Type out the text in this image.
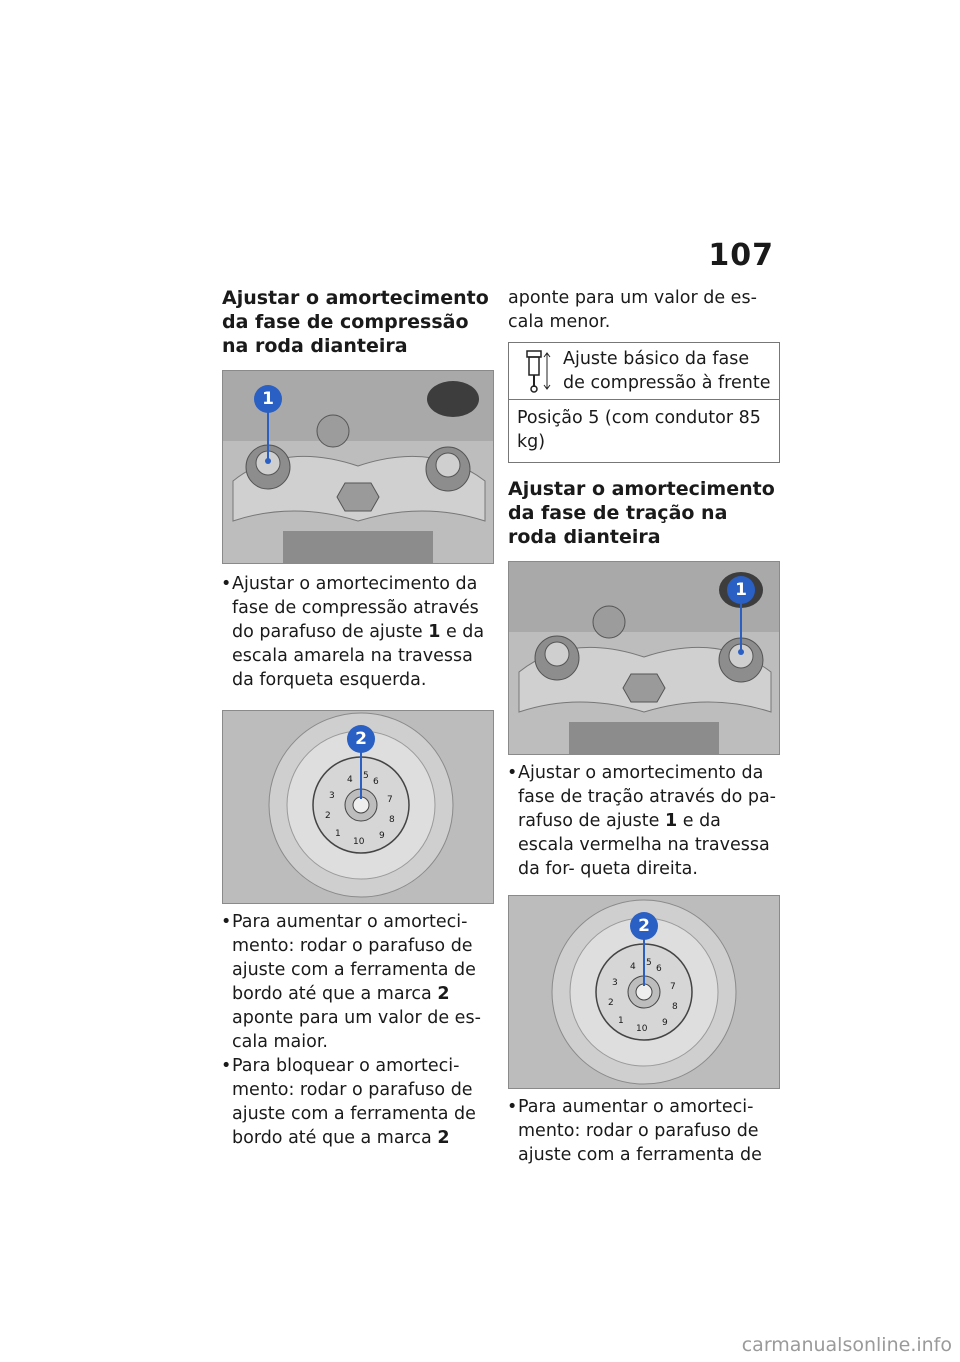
107
Ajustar o amortecimento da fase de compressão na roda dianteira
1
• Ajustar o amortecimento da fase de compressão através do parafuso de ajuste 1 e da escala amarela na travessa da forqueta esquerda.
4 6
3	7
2	8
1	9
10
5
2
• Para aumentar o amorteci- mento: rodar o parafuso de ajuste com a ferramenta de bordo até que a marca 2 aponte para um valor de es- cala maior.
• Para bloquear o amorteci- mento: rodar o parafuso de ajuste com a ferramenta de bordo até que a marca 2

aponte para um valor de es- cala menor.

Ajuste básico da fase de compressão à frente

Posição 5 (com condutor 85 kg)

Ajustar o amortecimento da fase de tração na roda dianteira
1
• Ajustar o amortecimento da fase de tração através do pa- rafuso de ajuste 1 e da escala vermelha na travessa da for- queta direita.
4 6
3	7
2	8
1	9
10
5
2
• Para aumentar o amorteci- mento: rodar o parafuso de ajuste com a ferramenta de
carmanualsonline.info
